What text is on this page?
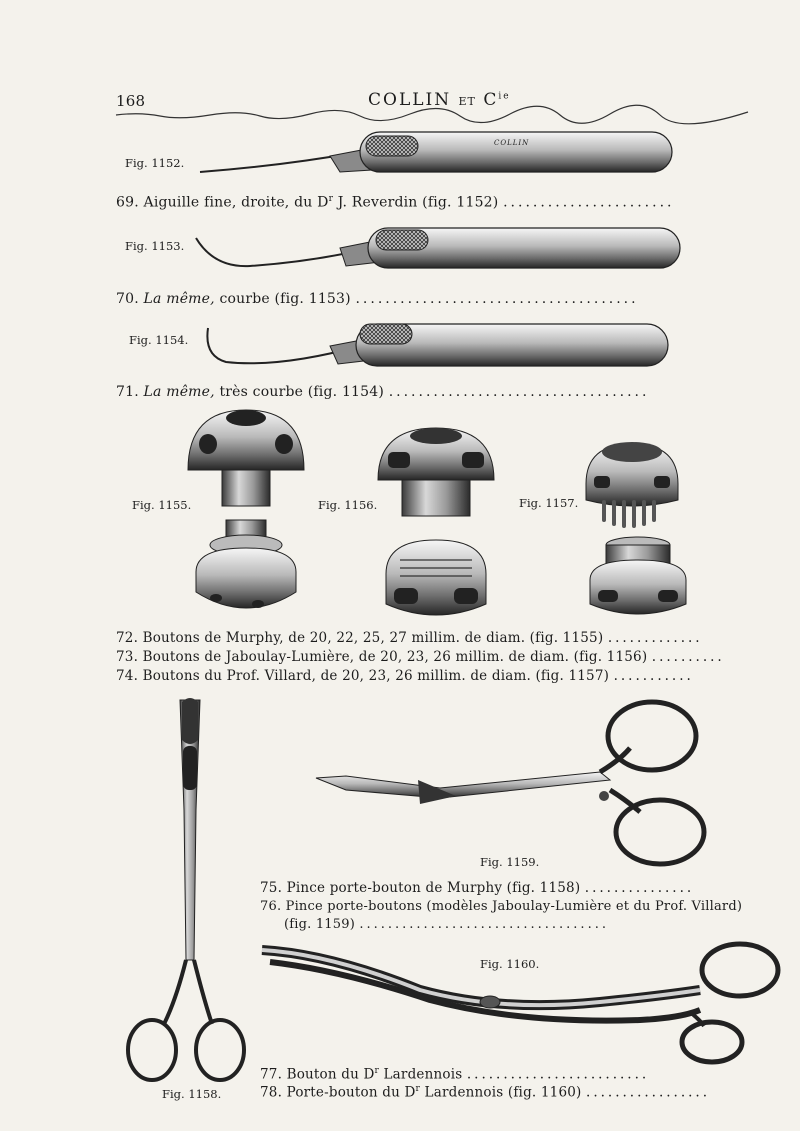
168	COLLIN ET $C^{ie}$
Fig. 1152.
Fig. 1153.
Fig. 1154.
Fig. 1155.	Fig. 1156.	Fig. 1157.
Fig. 1158.
Fig. 1159.
Fig. 1160.
COLLIN
69. Aiguille fine, droite, du $D^r$ J. Reverdin (fig. 1152) .......................
70. La même, courbe (fig. 1153) ......................................
71. La même, très courbe (fig. 1154) ...................................
72. Boutons de Murphy, de 20, 22, 25, 27 millim. de diam. (fig. 1155) .............
73. Boutons de Jaboulay-Lumière, de 20, 23, 26 millim. de diam. (fig. 1156) ..........
74. Boutons du Prof. Villard, de 20, 23, 26 millim. de diam. (fig. 1157) ...........
75. Pince porte-bouton de Murphy (fig. 1158) ...............
76. Pince porte-boutons (modèles Jaboulay-Lumière et du Prof. Villard)
(fig. 1159) ...................................
77. Bouton du $D^r$ Lardennois .........................
78. Porte-bouton du $D^r$ Lardennois (fig. 1160) .................
